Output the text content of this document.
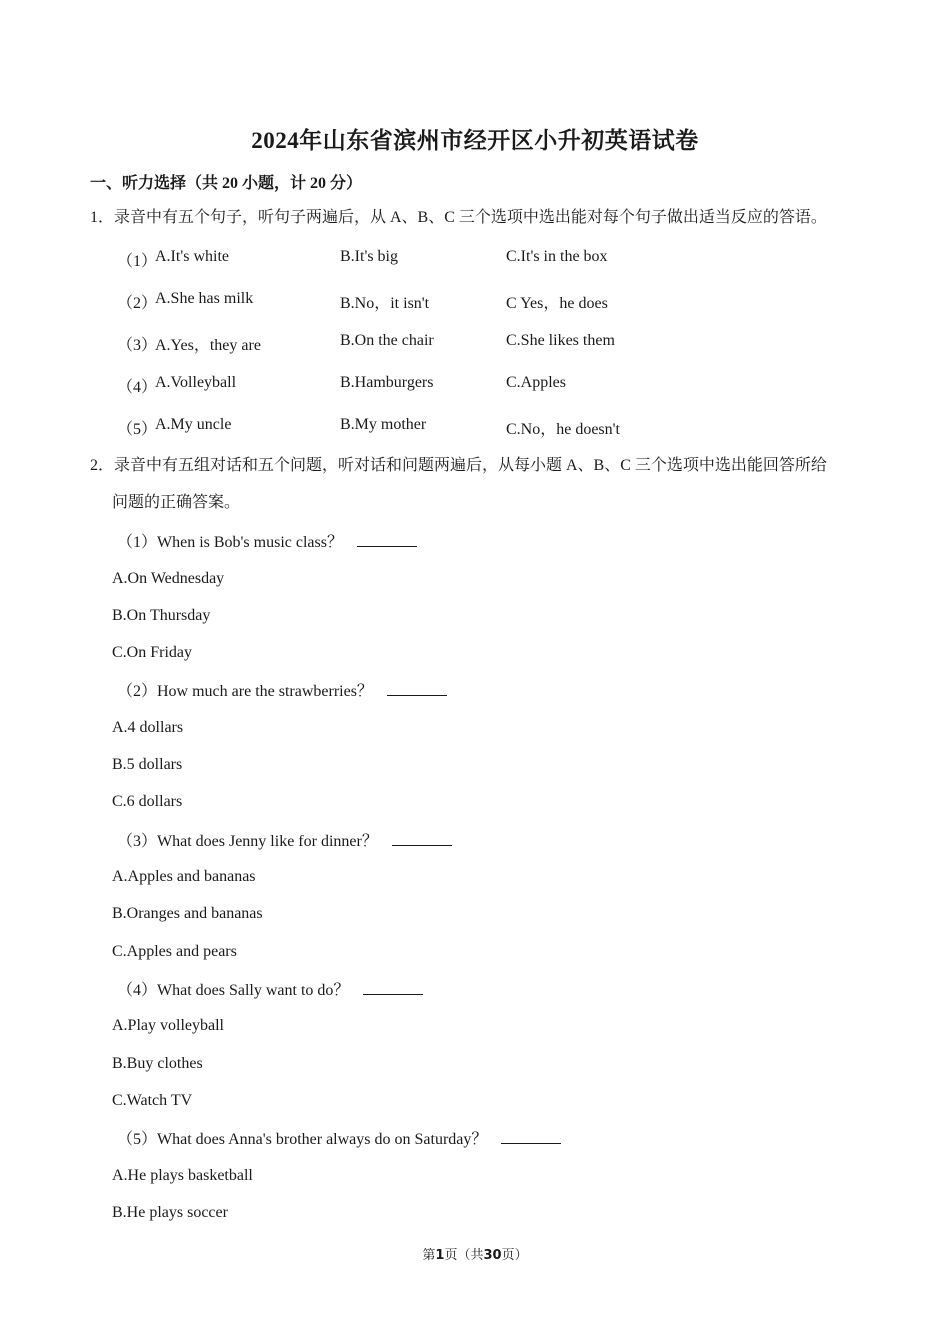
2024年山东省滨州市经开区小升初英语试卷
一、听力选择（共 20 小题，计 20 分）
1．录音中有五个句子，听句子两遍后，从 A、B、C 三个选项中选出能对每个句子做出适当反应的答语。
（1）
A.It's white	B.It's big	C.It's in the box
（2）
A.She has milk	B.No，it isn't	C Yes，he does
（3）
A.Yes，they are	B.On the chair	C.She likes them
（4）
A.Volleyball	B.Hamburgers	C.Apples
（5）
A.My uncle	B.My mother	C.No，he doesn't
2．录音中有五组对话和五个问题，听对话和问题两遍后，从每小题 A、B、C 三个选项中选出能回答所给
问题的正确答案。
（1）When is Bob's music class？
A.On Wednesday
B.On Thursday
C.On Friday
（2）How much are the strawberries？
A.4 dollars
B.5 dollars
C.6 dollars
（3）What does Jenny like for dinner？
A.Apples and bananas
B.Oranges and bananas
C.Apples and pears
（4）What does Sally want to do？
A.Play volleyball
B.Buy clothes
C.Watch TV
（5）What does Anna's brother always do on Saturday？
A.He plays basketball
B.He plays soccer
第1页（共30页）
